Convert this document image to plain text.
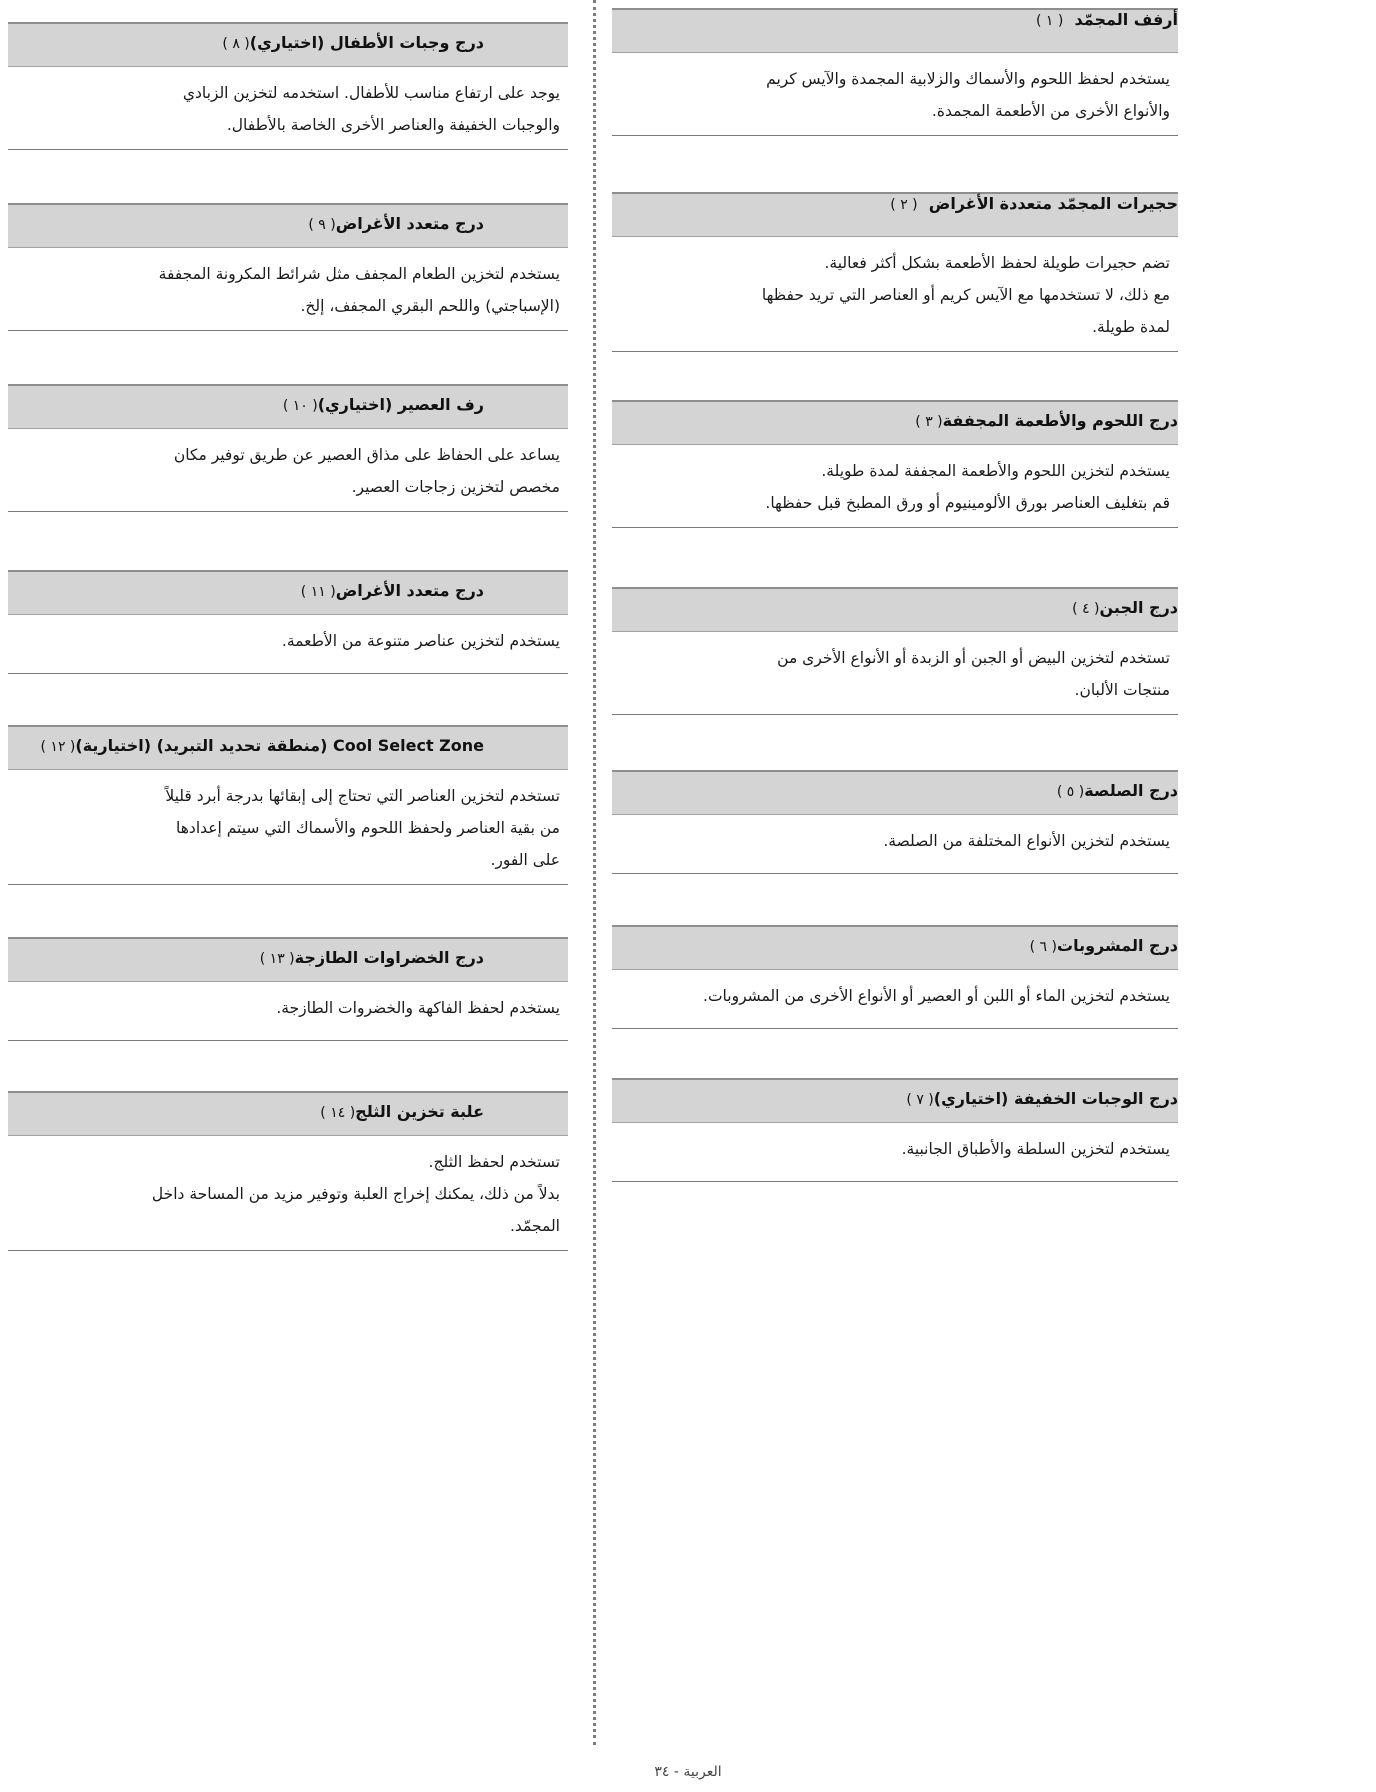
درج وجبات الأطفال (اختياري)( ٨ )
يوجد على ارتفاع مناسب للأطفال. استخدمه لتخزين الزبادي
والوجبات الخفيفة والعناصر الأخرى الخاصة بالأطفال.
درج متعدد الأغراض( ٩ )
يستخدم لتخزين الطعام المجفف مثل شرائط المكرونة المجففة
(الإسباجتي) واللحم البقري المجفف، إلخ.
رف العصير (اختياري)( ١٠ )
يساعد على الحفاظ على مذاق العصير عن طريق توفير مكان
مخصص لتخزين زجاجات العصير.
درج متعدد الأغراض( ١١ )
يستخدم لتخزين عناصر متنوعة من الأطعمة.
Cool Select Zone (منطقة تحديد التبريد) (اختيارية)( ١٢ )
تستخدم لتخزين العناصر التي تحتاج إلى إبقائها بدرجة أبرد قليلاً
من بقية العناصر ولحفظ اللحوم والأسماك التي سيتم إعدادها
على الفور.
درج الخضراوات الطازجة( ١٣ )
يستخدم لحفظ الفاكهة والخضروات الطازجة.
علبة تخزين الثلج( ١٤ )
تستخدم لحفظ الثلج.
بدلاً من ذلك، يمكنك إخراج العلبة وتوفير مزيد من المساحة داخل
المجمّد.
أرفف المجمّد  ( ١ )
يستخدم لحفظ اللحوم والأسماك والزلابية المجمدة والآيس كريم
والأنواع الأخرى من الأطعمة المجمدة.
حجيرات المجمّد متعددة الأغراض  ( ٢ )
تضم حجيرات طويلة لحفظ الأطعمة بشكل أكثر فعالية.
مع ذلك، لا تستخدمها مع الآيس كريم أو العناصر التي تريد حفظها
لمدة طويلة.
درج اللحوم والأطعمة المجففة( ٣ )
يستخدم لتخزين اللحوم والأطعمة المجففة لمدة طويلة.
قم بتغليف العناصر بورق الألومينيوم أو ورق المطبخ قبل حفظها.
درج الجبن( ٤ )
تستخدم لتخزين البيض أو الجبن أو الزبدة أو الأنواع الأخرى من
منتجات الألبان.
درج الصلصة( ٥ )
يستخدم لتخزين الأنواع المختلفة من الصلصة.
درج المشروبات( ٦ )
يستخدم لتخزين الماء أو اللبن أو العصير أو الأنواع الأخرى من المشروبات.
درج الوجبات الخفيفة (اختياري)( ٧ )
يستخدم لتخزين السلطة والأطباق الجانبية.
العربية - ٣٤
